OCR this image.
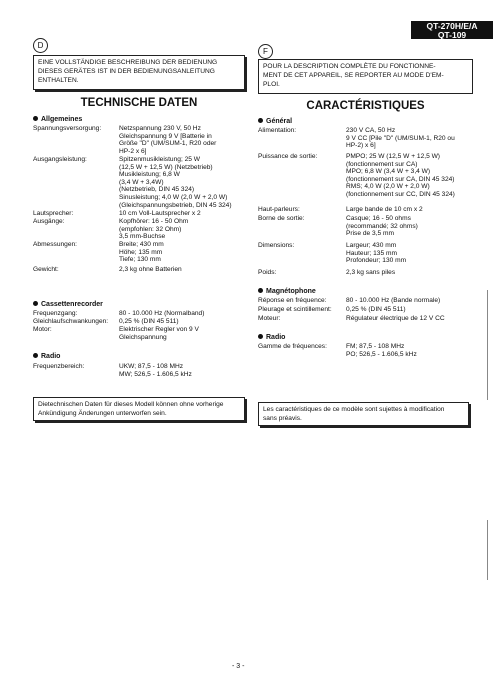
QT-270H/E/A
QT-109
D
F
EINE VOLLSTÄNDIGE BESCHREIBUNG DER BEDIENUNG
DIESES GERÄTES IST IN DER BEDIENUNGSANLEITUNG
ENTHALTEN.
POUR LA DESCRIPTION COMPLÈTE DU FONCTIONNE-
MENT DE CET APPAREIL, SE REPORTER AU MODE D'EM-
PLOI.
TECHNISCHE DATEN	CARACTÉRISTIQUES
Allgemeines
Spannungsversorgung:	Netzspannung 230 V, 50 Hz
Gleichspannung 9 V [Batterie in
Größe "D" (UM/SUM-1, R20 oder
HP-2 x 6]
Ausgangsleistung:	Spitzenmusikleistung; 25 W
(12,5 W + 12,5 W) (Netzbetrieb)
Musikleistung; 6,8 W
(3,4 W + 3,4W)
(Netzbetrieb, DIN 45 324)
Sinusleistung; 4,0 W (2,0 W + 2,0 W)
(Gleichspannungsbetrieb, DIN 45 324)
Lautsprecher:	10 cm Voll-Lautsprecher x 2
Ausgänge:	Kopfhörer: 16 - 50 Ohm
(empfohlen: 32 Ohm)
3,5 mm-Buchse
Abmessungen:	Breite; 430 mm
Höhe; 135 mm
Tiefe; 130 mm
Gewicht:	2,3 kg ohne Batterien
Cassettenrecorder
Frequenzgang:	80 - 10.000 Hz (Normalband)
Gleichlaufschwankungen: 0,25 % (DIN 45 511)
Motor:	Elektrischer Regler von 9 V
Gleichspannung
Radio
Frequenzbereich:	UKW; 87,5 - 108 MHz
MW; 526,5 - 1.606,5 kHz
Dietechnischen Daten für dieses Modell können ohne vorherige
Ankündigung Änderungen unterworfen sein.
Général
Alimentation:	230 V CA, 50 Hz
9 V CC [Pile "D" (UM/SUM-1, R20 ou
HP-2) x 6]
Puissance de sortie:	PMPO; 25 W (12,5 W + 12,5 W)
(fonctionnement sur CA)
MPO; 6,8 W (3,4 W + 3,4 W)
(fonctionnement sur CA, DIN 45 324)
RMS; 4,0 W (2,0 W + 2,0 W)
(fonctionnement sur CC, DIN 45 324)
Haut-parleurs:	Large bande de 10 cm x 2
Borne de sortie:	Casque; 16 - 50 ohms
(recommandé; 32 ohms)
Prise de 3,5 mm
Dimensions:	Largeur; 430 mm
Hauteur; 135 mm
Profondeur; 130 mm
Poids:	2,3 kg sans piles
Magnétophone
Réponse en fréquence:	80 - 10.000 Hz (Bande normale)
Pleurage et scintillement: 0,25 % (DIN 45 511)
Moteur:	Régulateur électrique de 12 V CC
Radio
Gamme de fréquences:	FM; 87,5 - 108 MHz
PO; 526,5 - 1.606,5 kHz
Les caractéristiques de ce modèle sont sujettes à modification
sans préavis.
- 3 -
